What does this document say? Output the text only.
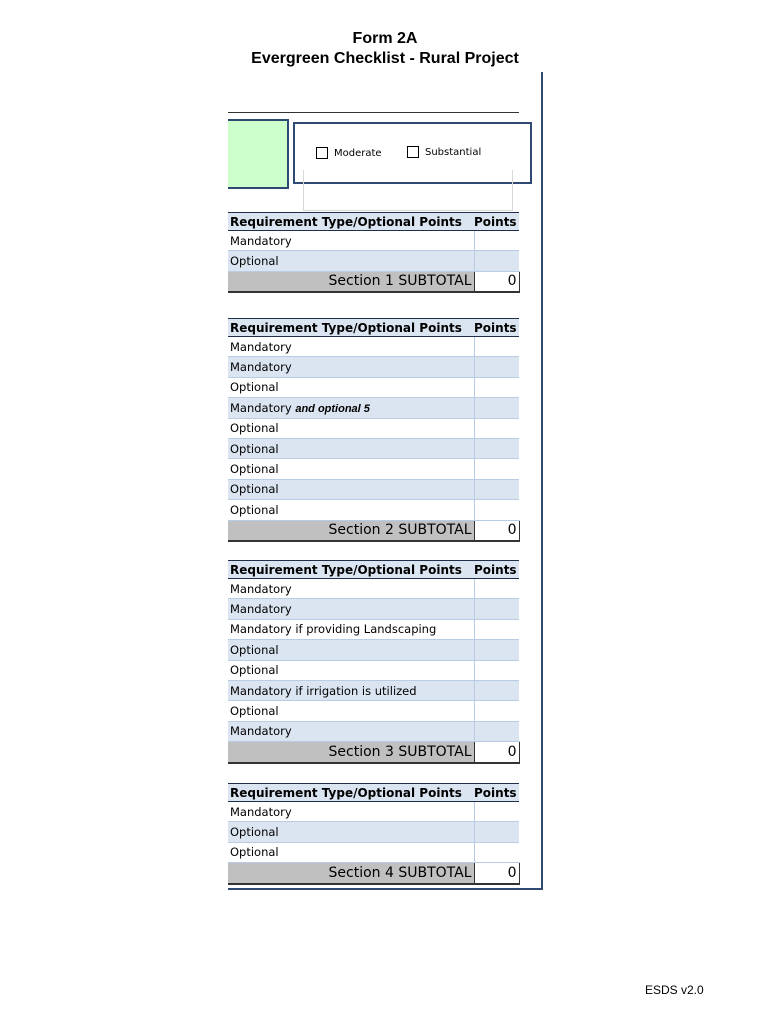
Form 2A
Evergreen Checklist - Rural Project
Moderate	Substantial
Requirement Type/Optional Points	Points
Mandatory	
Optional	
Section 1 SUBTOTAL	0
Requirement Type/Optional Points	Points
Mandatory	
Mandatory	
Optional	
Mandatory and optional 5	
Optional	
Optional	
Optional	
Optional	
Optional	
Section 2 SUBTOTAL	0
Requirement Type/Optional Points	Points
Mandatory	
Mandatory	
Mandatory if providing Landscaping	
Optional	
Optional	
Mandatory if irrigation is utilized	
Optional	
Mandatory	
Section 3 SUBTOTAL	0
Requirement Type/Optional Points	Points
Mandatory	
Optional	
Optional	
Section 4 SUBTOTAL	0
ESDS v2.0
